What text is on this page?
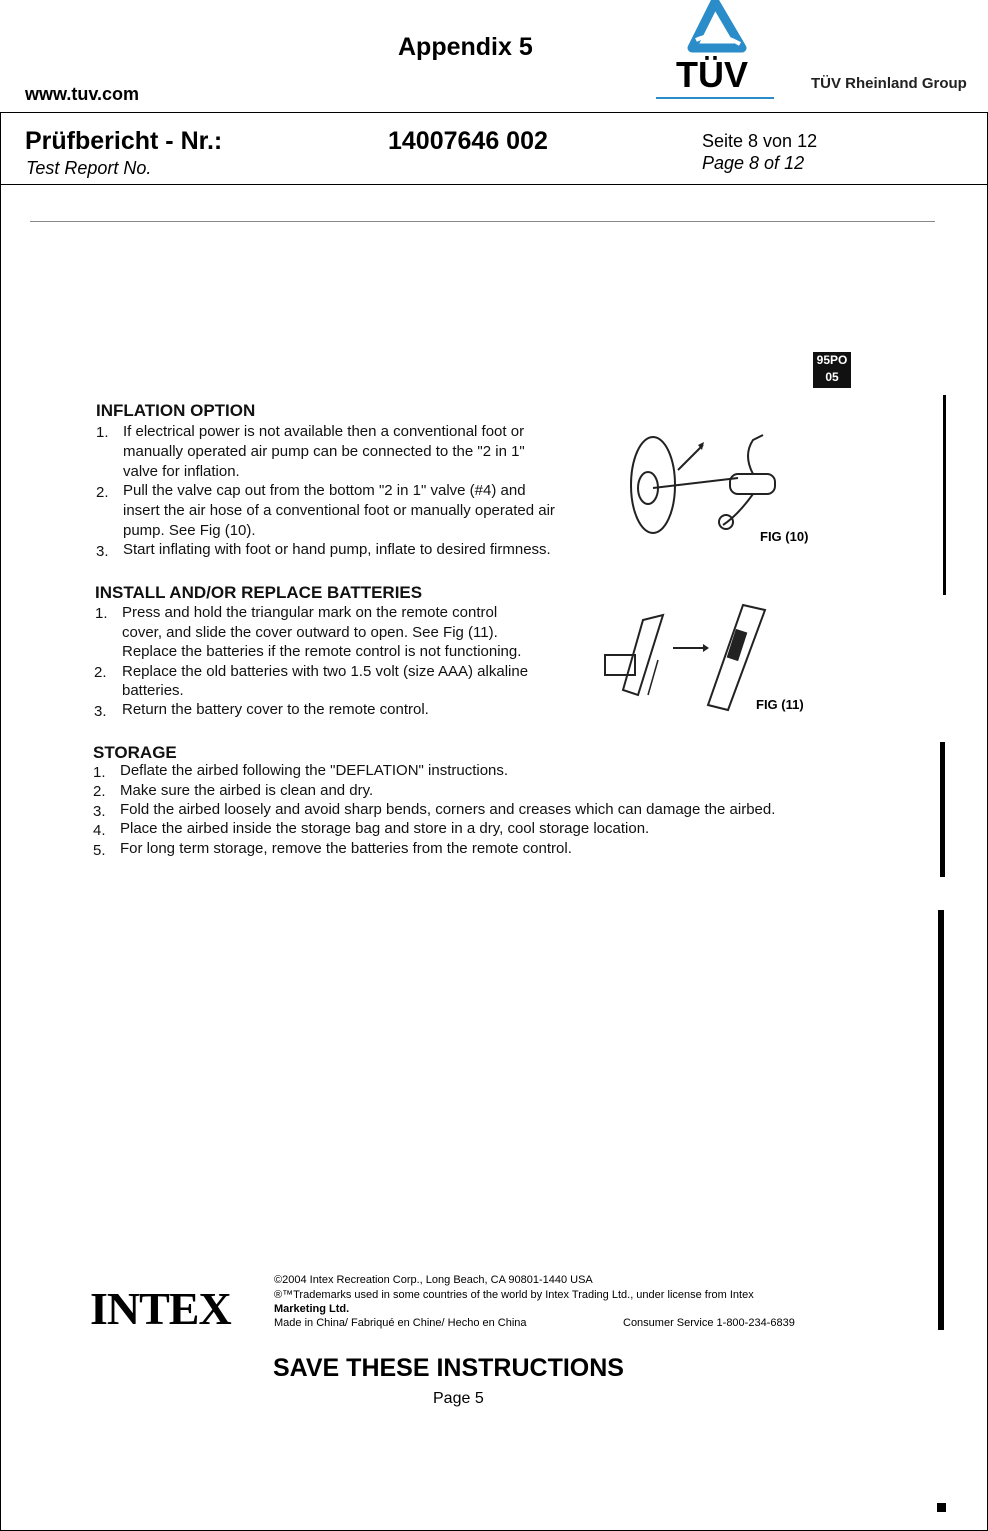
Appendix 5
www.tuv.com	TÜV	TÜV Rheinland Group
Prüfbericht - Nr.:
Test Report No.
14007646 002	Seite 8 von 12
Page 8 of 12
95PO
05
INFLATION OPTION
1. If electrical power is not available then a conventional foot or
manually operated air pump can be connected to the "2 in 1"
valve for inflation.
2. Pull the valve cap out from the bottom "2 in 1" valve (#4) and
insert the air hose of a conventional foot or manually operated air
pump. See Fig (10).
3. Start inflating with foot or hand pump, inflate to desired firmness.
FIG (10)
INSTALL AND/OR REPLACE BATTERIES
1. Press and hold the triangular mark on the remote control
cover, and slide the cover outward to open. See Fig (11).
Replace the batteries if the remote control is not functioning.
2. Replace the old batteries with two 1.5 volt (size AAA) alkaline
batteries.
3. Return the battery cover to the remote control.	FIG (11)
STORAGE
1. Deflate the airbed following the "DEFLATION" instructions.
2. Make sure the airbed is clean and dry.
3. Fold the airbed loosely and avoid sharp bends, corners and creases which can damage the airbed.
4. Place the airbed inside the storage bag and store in a dry, cool storage location.
5. For long term storage, remove the batteries from the remote control.
INTEX
©2004 Intex Recreation Corp., Long Beach, CA 90801-1440 USA
®™Trademarks used in some countries of the world by Intex Trading Ltd., under license from Intex
Marketing Ltd.
Made in China/ Fabriqué en Chine/ Hecho en China	Consumer Service 1-800-234-6839
SAVE THESE INSTRUCTIONS
Page 5
